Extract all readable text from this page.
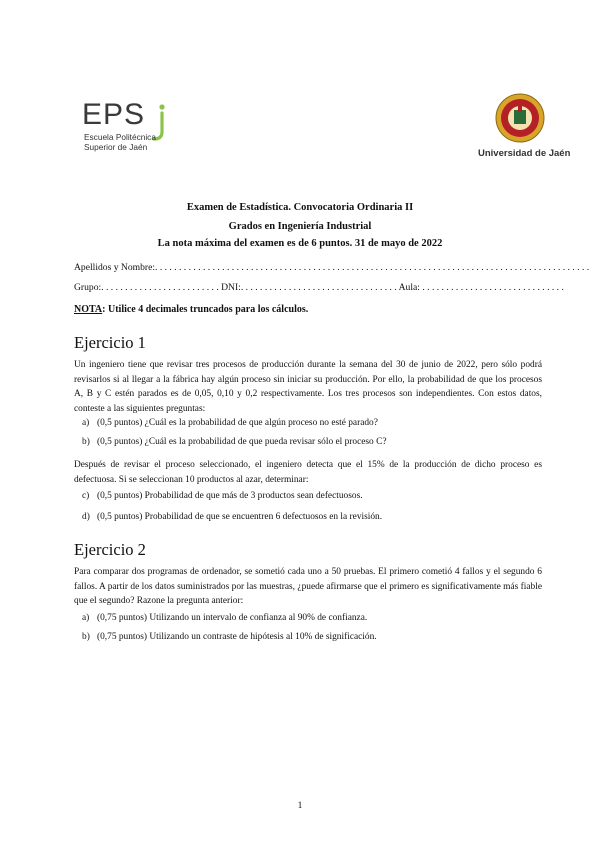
EPS
Escuela Politécnica
Superior de Jaén
Universidad de Jaén
Examen de Estadística. Convocatoria Ordinaria II
Grados en Ingeniería Industrial
La nota máxima del examen es de 6 puntos. 31 de mayo de 2022
Apellidos y Nombre:. . . . . . . . . . . . . . . . . . . . . . . . . . . . . . . . . . . . . . . . . . . . . . . . . . . . . . . . . . . . . . . . . . . . . . . . . . . . . . . . . . . . . . . . . . .
Grupo:. . . . . . . . . . . . . . . . . . . . . . . . . DNI:. . . . . . . . . . . . . . . . . . . . . . . . . . . . . . . . . Aula: . . . . . . . . . . . . . . . . . . . . . . . . . . . . . .
NOTA: Utilice 4 decimales truncados para los cálculos.
Ejercicio 1
Un ingeniero tiene que revisar tres procesos de producción durante la semana del 30 de junio de 2022, pero sólo podrá revisarlos si al llegar a la fábrica hay algún proceso sin iniciar su producción. Por ello, la probabilidad de que los procesos A, B y C estén parados es de 0,05, 0,10 y 0,2 respectivamente. Los tres procesos son independientes. Con estos datos, conteste a las siguientes preguntas:
a) (0,5 puntos) ¿Cuál es la probabilidad de que algún proceso no esté parado?
b) (0,5 puntos) ¿Cuál es la probabilidad de que pueda revisar sólo el proceso C?
Después de revisar el proceso seleccionado, el ingeniero detecta que el 15% de la producción de dicho proceso es defectuosa. Si se seleccionan 10 productos al azar, determinar:
c) (0,5 puntos) Probabilidad de que más de 3 productos sean defectuosos.
d) (0,5 puntos) Probabilidad de que se encuentren 6 defectuosos en la revisión.
Ejercicio 2
Para comparar dos programas de ordenador, se sometió cada uno a 50 pruebas. El primero cometió 4 fallos y el segundo 6 fallos. A partir de los datos suministrados por las muestras, ¿puede afirmarse que el primero es significativamente más fiable que el segundo? Razone la pregunta anterior:
a) (0,75 puntos) Utilizando un intervalo de confianza al 90% de confianza.
b) (0,75 puntos) Utilizando un contraste de hipótesis al 10% de significación.
1
